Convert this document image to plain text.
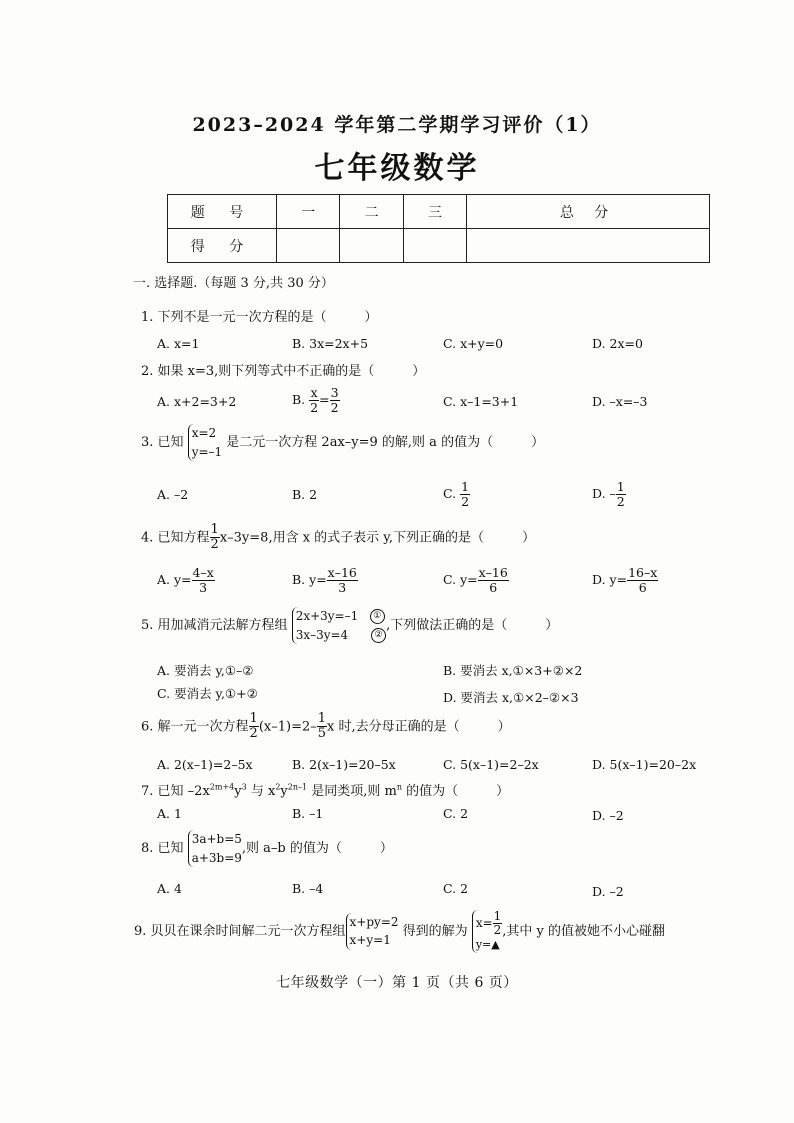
2023–2024 学年第二学期学习评价（1）
七年级数学
题 号	一	二	三	总 分
得 分				
一. 选择题.（每题 3 分,共 30 分）
1. 下列不是一元一次方程的是（	）
A. x=1	B. 3x=2x+5	C. x+y=0	D. 2x=0
2. 如果 x=3,则下列等式中不正确的是（	）
A. x+2=3+2	B. $\frac{x}{2} = \frac{3}{2}$	C. x–1=3+1	D. –x=–3
3. 已知 x=2
y=–1 是二元一次方程 2ax–y=9 的解,则 a 的值为（	）
A. –2	B. 2	C. $\frac{1}{2}$	D. – $\frac{1}{2}$
4. 已知方程 $\frac{1}{2} x-3y=8$,用含 x 的式子表示 y,下列正确的是（	）
A. $y= \frac{4-x}{3}$	B. $y= \frac{x-16}{3}$	C. $y= \frac{x-16}{6}$	D. $y= \frac{16-x}{6}$
5. 用加减消元法解方程组 2x+3y=–1 ①
3x–3y=4	②,下列做法正确的是（	）
A. 要消去 y,①–②	B. 要消去 x,①×3+②×2
C. 要消去 y,①+②	D. 要消去 x,①×2–②×3
6. 解一元一次方程 $\frac{1}{2} (x-1)=2- \frac{1}{5}$ x 时,去分母正确的是（	）
A. 2(x–1)=2–5x	B. 2(x–1)=20–5x	C. 5(x–1)=2–2x	D. 5(x–1)=20–2x
7. 已知 $-2x^{2m+4}y^3$ 与 $x^2y^{2n-1}$ 是同类项,则 $m^n$ 的值为（	）
A. 1	B. –1	C. 2	D. –2
8. 已知 3a+b=5
a+3b=9,则 a–b 的值为（	）
A. 4	B. –4	C. 2	D. –2
9. 贝贝在课余时间解二元一次方程组x+py=2
x+y=1 得到的解为 $x= \frac{1}{2}$

y=▲,其中 y 的值被她不小心碰翻
七年级数学（一）第 1 页（共 6 页）
